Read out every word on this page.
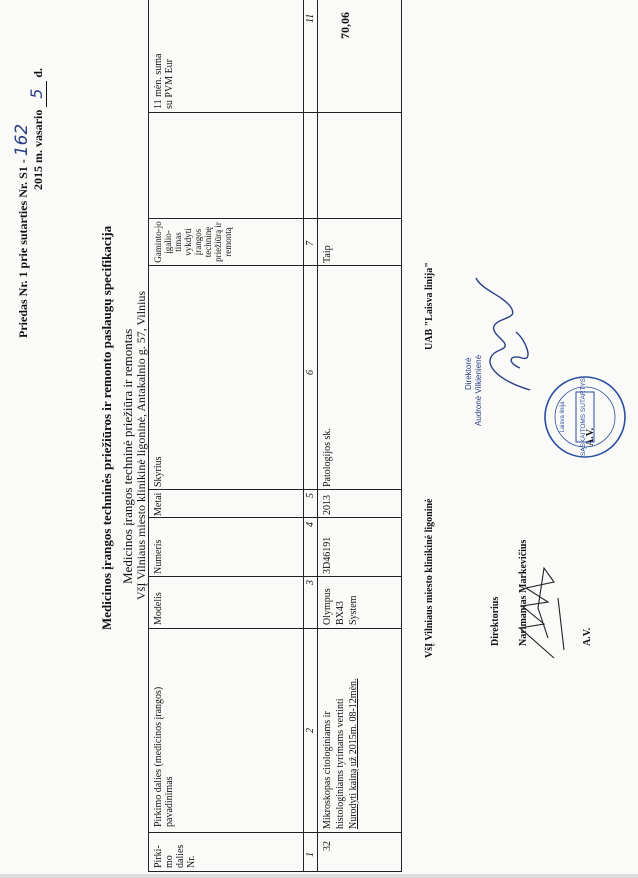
Priedas Nr. 1 prie sutarties Nr. S1 - 162 2015 m. vasario 5 d.
Medicinos įrangos techninės priežiūros ir remonto paslaugų specifikacija Medicinos įrangos techninė priežiūra ir remontas VšĮ Vilniaus miesto klinikinė ligoninė, Antakalnio g. 57, Vilnius
Pirki-mo dalies Nr.
Pirkimo dalies (medicinos įrangos) pavadinimas
Modelis
Numeris
Metai
Skyrius
Gaminto-jo įgalio-timas vykdyti įrangos techninę priežiūrą ir remontą
11 mėn. suma su PVM Eur
1
2
3
4
5
6
7
11
32
Mikroskopas citologiniams ir histologiniams tyrimams vertinti Nurodyti kainą už 2015m. 08-12mėn.
Olympus BX43 System
3D46191
2013
Patologijos sk.
Taip
70,06
VšĮ Vilniaus miesto klinikinė ligoninė	Direktorius Narimantas Markevičius	A.V.
UAB "Laisva linija"
Direktorė Audronė Vilkienienė
A.V.
SĄSKAITOMS SUTARTYS
Laisva linija
